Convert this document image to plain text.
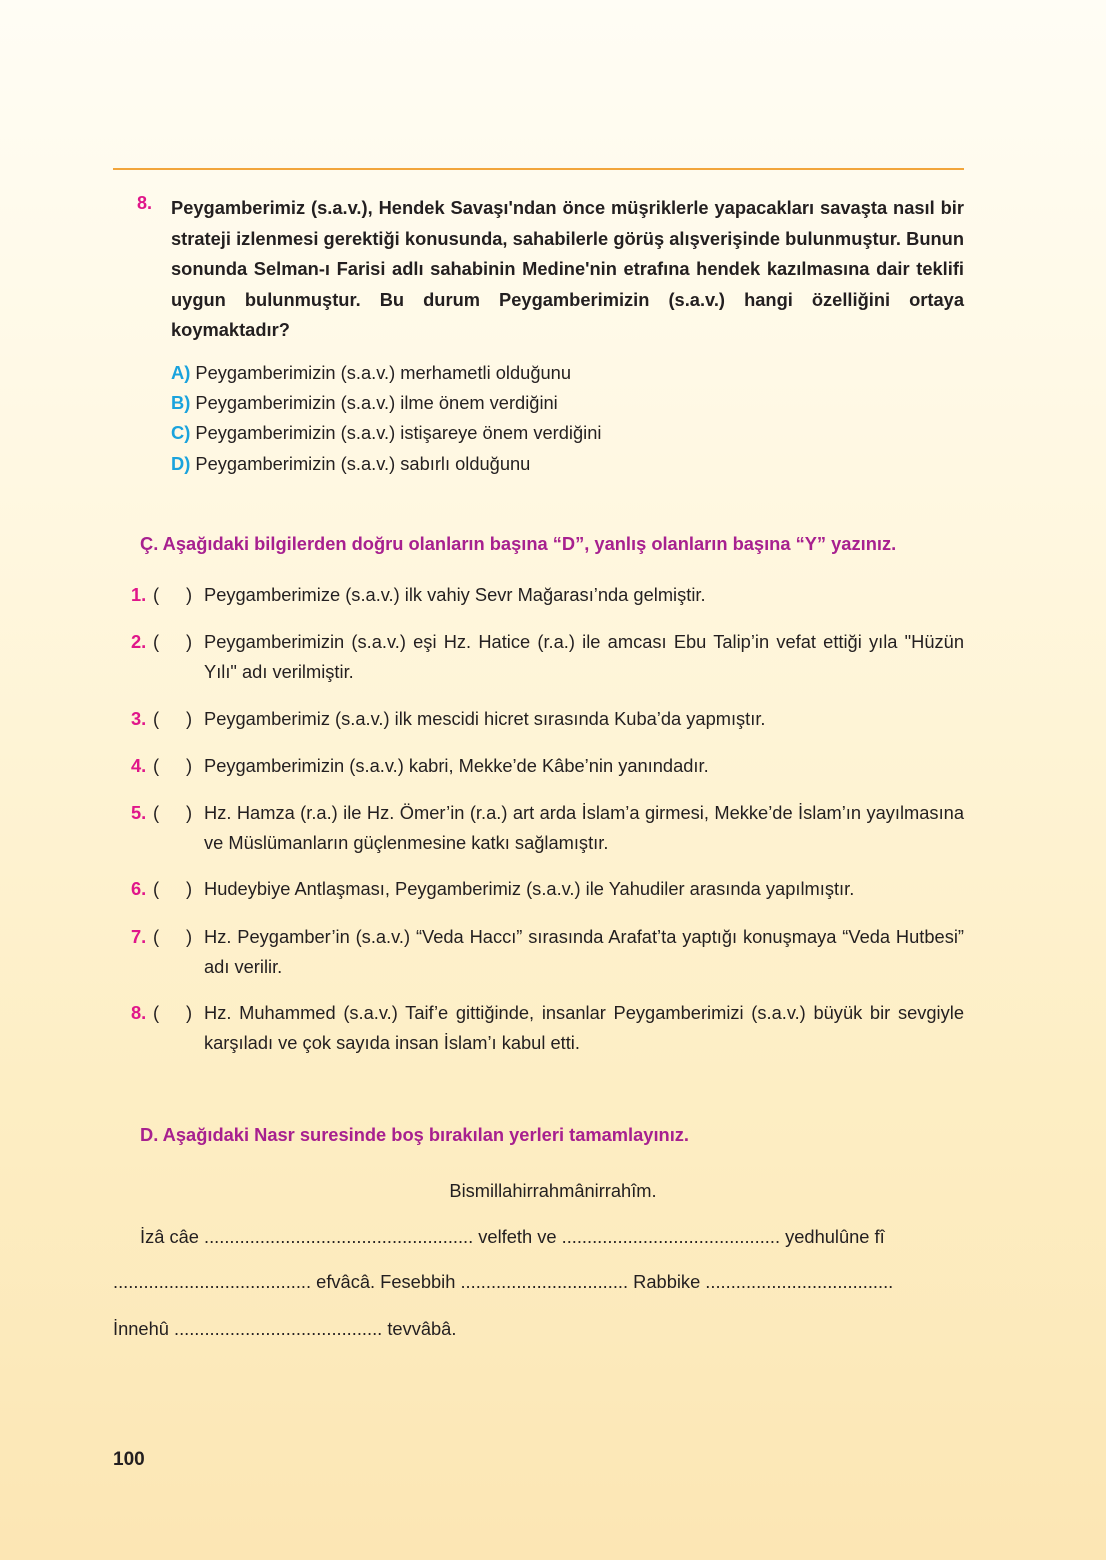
8. Peygamberimiz (s.a.v.), Hendek Savaşı'ndan önce müşriklerle yapacakları savaşta nasıl bir strateji izlenmesi gerektiği konusunda, sahabilerle görüş alışverişinde bulunmuştur. Bunun sonunda Selman-ı Farisi adlı sahabinin Medine'nin etrafına hendek kazılmasına dair teklifi uygun bulunmuştur. Bu durum Peygamberimizin (s.a.v.) hangi özelliğini ortaya koymaktadır?
A) Peygamberimizin (s.a.v.) merhametli olduğunu
B) Peygamberimizin (s.a.v.) ilme önem verdiğini
C) Peygamberimizin (s.a.v.) istişareye önem verdiğini
D) Peygamberimizin (s.a.v.) sabırlı olduğunu
Ç. Aşağıdaki bilgilerden doğru olanların başına “D”, yanlış olanların başına “Y” yazınız.
1. ( ) Peygamberimize (s.a.v.) ilk vahiy Sevr Mağarası’nda gelmiştir.
2. ( ) Peygamberimizin (s.a.v.) eşi Hz. Hatice (r.a.) ile amcası Ebu Talip’in vefat ettiği yıla "Hüzün Yılı" adı verilmiştir.
3. ( ) Peygamberimiz (s.a.v.) ilk mescidi hicret sırasında Kuba’da yapmıştır.
4. ( ) Peygamberimizin (s.a.v.) kabri, Mekke’de Kâbe’nin yanındadır.
5. ( ) Hz. Hamza (r.a.) ile Hz. Ömer’in (r.a.) art arda İslam’a girmesi, Mekke’de İslam’ın yayılmasına ve Müslümanların güçlenmesine katkı sağlamıştır.
6. ( ) Hudeybiye Antlaşması, Peygamberimiz (s.a.v.) ile Yahudiler arasında yapılmıştır.
7. ( ) Hz. Peygamber’in (s.a.v.) “Veda Haccı” sırasında Arafat’ta yaptığı konuşmaya “Veda Hutbesi” adı verilir.
8. ( ) Hz. Muhammed (s.a.v.) Taif’e gittiğinde, insanlar Peygamberimizi (s.a.v.) büyük bir sevgiyle karşıladı ve çok sayıda insan İslam’ı kabul etti.
D. Aşağıdaki Nasr suresinde boş bırakılan yerleri tamamlayınız.
Bismillahirrahmânirrahîm.
İzâ câe ..................................................... velfeth ve ........................................... yedhulûne fî
....................................... efvâcâ. Fesebbih ................................. Rabbike .....................................
İnnehû ......................................... tevvâbâ.
100
